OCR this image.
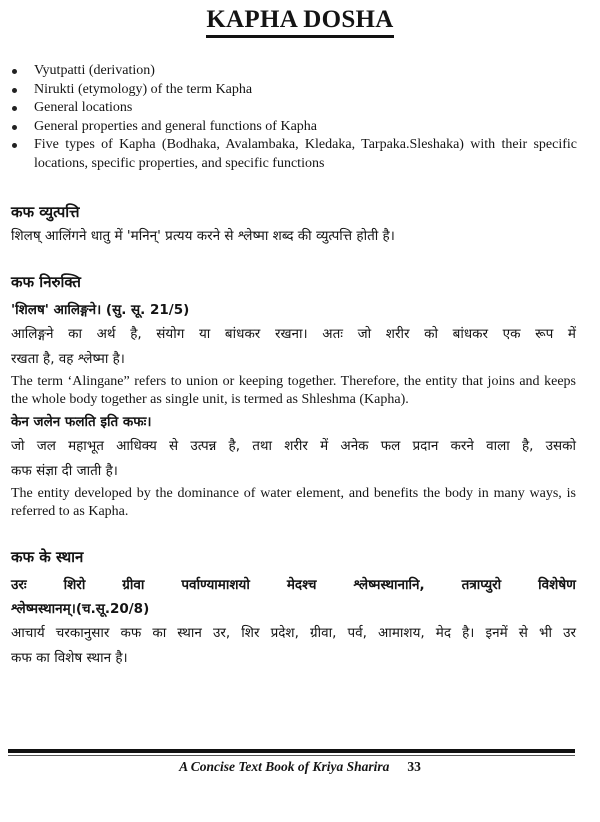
KAPHA DOSHA
Vyutpatti (derivation)
Nirukti (etymology) of the term Kapha
General locations
General properties and general functions of Kapha
Five types of Kapha (Bodhaka, Avalambaka, Kledaka, Tarpaka.Sleshaka) with their specific locations, specific properties, and specific functions
कफ व्युत्पत्ति
शिलष् आलिंगने धातु में 'मनिन्' प्रत्यय करने से श्लेष्मा शब्द की व्युत्पत्ति होती है।
कफ निरुक्ति
'शिलष' आलिङ्गने। (सु. सू. 21/5)
आलिङ्गने का अर्थ है, संयोग या बांधकर रखना। अतः जो शरीर को बांधकर एक रूप में
रखता है, वह श्लेष्मा है।
The term ‘Alingane” refers to union or keeping together. Therefore, the entity that joins and keeps the whole body together as single unit, is termed as Shleshma (Kapha).
केन जलेन फलति इति कफः।
जो जल महाभूत आधिक्य से उत्पन्न है, तथा शरीर में अनेक फल प्रदान करने वाला है, उसको
कफ संज्ञा दी जाती है।
The entity developed by the dominance of water element, and benefits the body in many ways, is referred to as Kapha.
कफ के स्थान
उरः	शिरो	ग्रीवा	पर्वाण्यामाशयो	मेदश्च	श्लेष्मस्थानानि,	तत्राप्युरो	विशेषेण
श्लेष्मस्थानम्।(च.सू.20/8)
आचार्य चरकानुसार कफ का स्थान उर, शिर प्रदेश, ग्रीवा, पर्व, आमाशय, मेद है। इनमें से भी उर
कफ का विशेष स्थान है।
A Concise Text Book of Kriya Sharira 33
